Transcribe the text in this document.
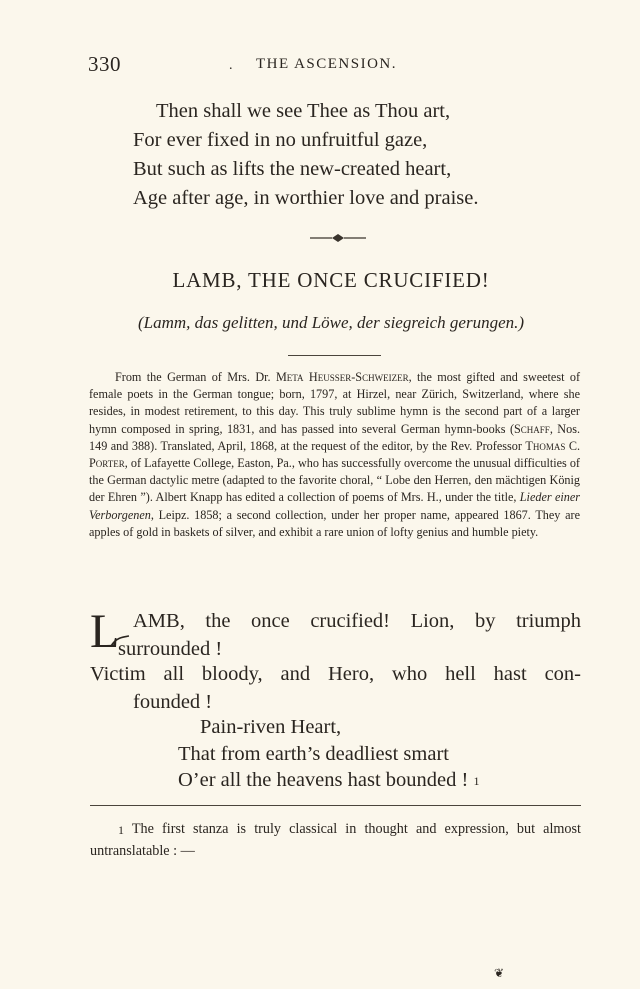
330	. THE ASCENSION.
Then shall we see Thee as Thou art,
For ever fixed in no unfruitful gaze,
But such as lifts the new-created heart,
Age after age, in worthier love and praise.
LAMB, THE ONCE CRUCIFIED!
(Lamm, das gelitten, und Löwe, der siegreich gerungen.)
From the German of Mrs. Dr. Meta Heusser-Schweizer, the most gifted and sweetest of female poets in the German tongue; born, 1797, at Hirzel, near Zürich, Switzerland, where she resides, in modest retirement, to this day. This truly sublime hymn is the second part of a larger hymn composed in spring, 1831, and has passed into several German hymn-books (Schaff, Nos. 149 and 388). Translated, April, 1868, at the request of the editor, by the Rev. Professor Thomas C. Porter, of Lafayette College, Easton, Pa., who has successfully overcome the unusual difficulties of the German dactylic metre (adapted to the favorite choral, “ Lobe den Herren, den mächtigen König der Ehren ”). Albert Knapp has edited a collection of poems of Mrs. H., under the title, Lieder einer Verborgenen, Leipz. 1858; a second collection, under her proper name, appeared 1867. They are apples of gold in baskets of silver, and exhibit a rare union of lofty genius and humble piety.
L AMB, the once crucified! Lion, by triumph
surrounded !
Victim all bloody, and Hero, who hell hast con-
founded !
Pain-riven Heart,
That from earth’s deadliest smart
O’er all the heavens hast bounded ! $^1$
$^1$ The first stanza is truly classical in thought and expression, but almost untranslatable : —
❦
